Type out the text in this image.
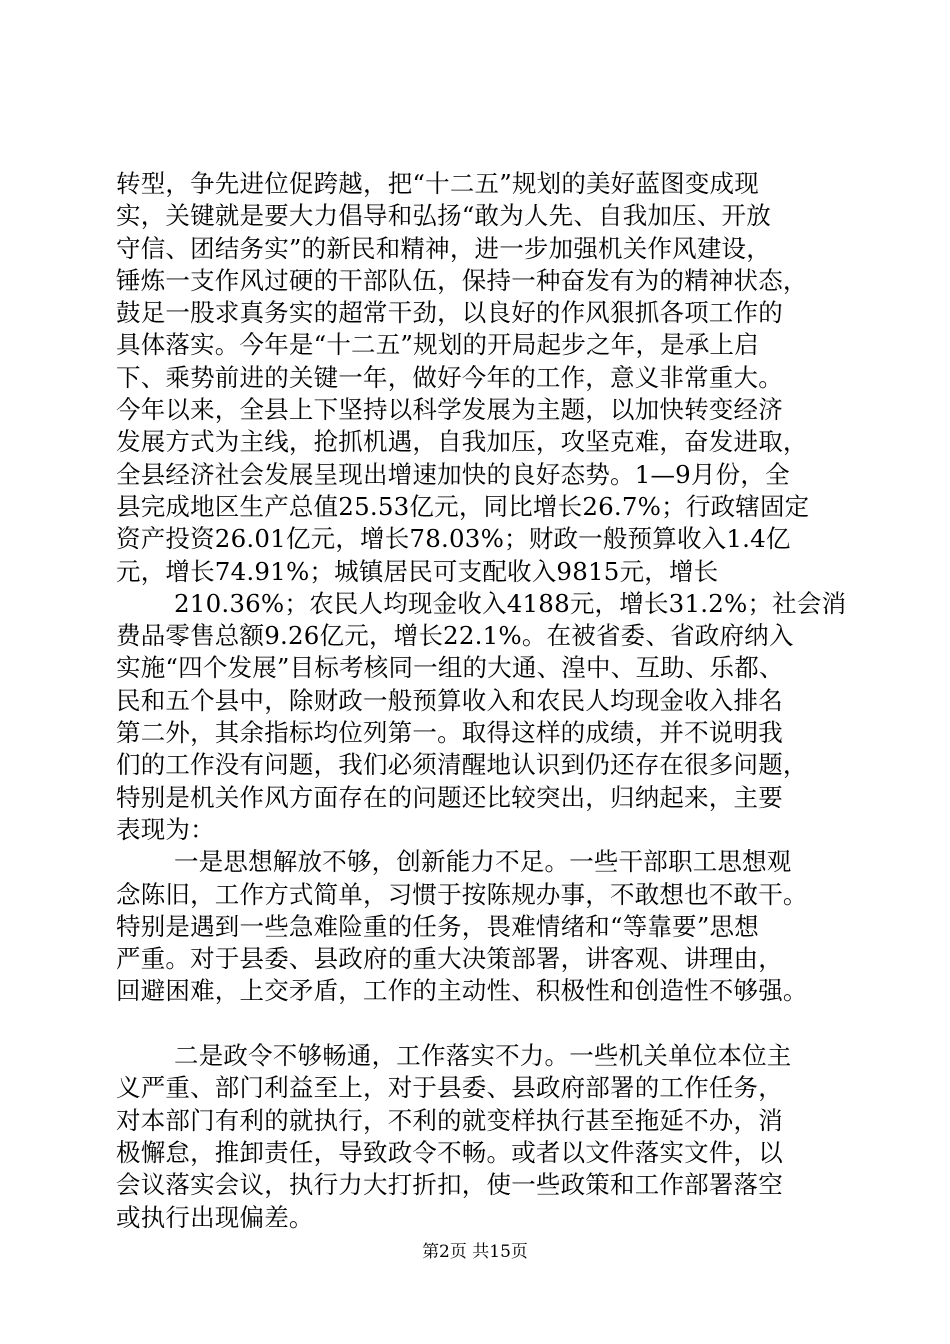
转型，争先进位促跨越，把“十二五”规划的美好蓝图变成现
实，关键就是要大力倡导和弘扬“敢为人先、自我加压、开放
守信、团结务实”的新民和精神，进一步加强机关作风建设，
锤炼一支作风过硬的干部队伍，保持一种奋发有为的精神状态，
鼓足一股求真务实的超常干劲，以良好的作风狠抓各项工作的
具体落实。今年是“十二五”规划的开局起步之年，是承上启
下、乘势前进的关键一年，做好今年的工作，意义非常重大。
今年以来，全县上下坚持以科学发展为主题，以加快转变经济
发展方式为主线，抢抓机遇，自我加压，攻坚克难，奋发进取，
全县经济社会发展呈现出增速加快的良好态势。1—9月份，全
县完成地区生产总值25.53亿元，同比增长26.7%；行政辖固定
资产投资26.01亿元，增长78.03%；财政一般预算收入1.4亿
元，增长74.91%；城镇居民可支配收入9815元，增长
210.36%；农民人均现金收入4188元，增长31.2%；社会消
费品零售总额9.26亿元，增长22.1%。在被省委、省政府纳入
实施“四个发展”目标考核同一组的大通、湟中、互助、乐都、
民和五个县中，除财政一般预算收入和农民人均现金收入排名
第二外，其余指标均位列第一。取得这样的成绩，并不说明我
们的工作没有问题，我们必须清醒地认识到仍还存在很多问题，
特别是机关作风方面存在的问题还比较突出，归纳起来，主要
表现为：
一是思想解放不够，创新能力不足。一些干部职工思想观
念陈旧，工作方式简单，习惯于按陈规办事，不敢想也不敢干。
特别是遇到一些急难险重的任务，畏难情绪和“等靠要”思想
严重。对于县委、县政府的重大决策部署，讲客观、讲理由，
回避困难，上交矛盾，工作的主动性、积极性和创造性不够强。
二是政令不够畅通，工作落实不力。一些机关单位本位主
义严重、部门利益至上，对于县委、县政府部署的工作任务，
对本部门有利的就执行，不利的就变样执行甚至拖延不办，消
极懈怠，推卸责任，导致政令不畅。或者以文件落实文件，以
会议落实会议，执行力大打折扣，使一些政策和工作部署落空
或执行出现偏差。
第2页 共15页
